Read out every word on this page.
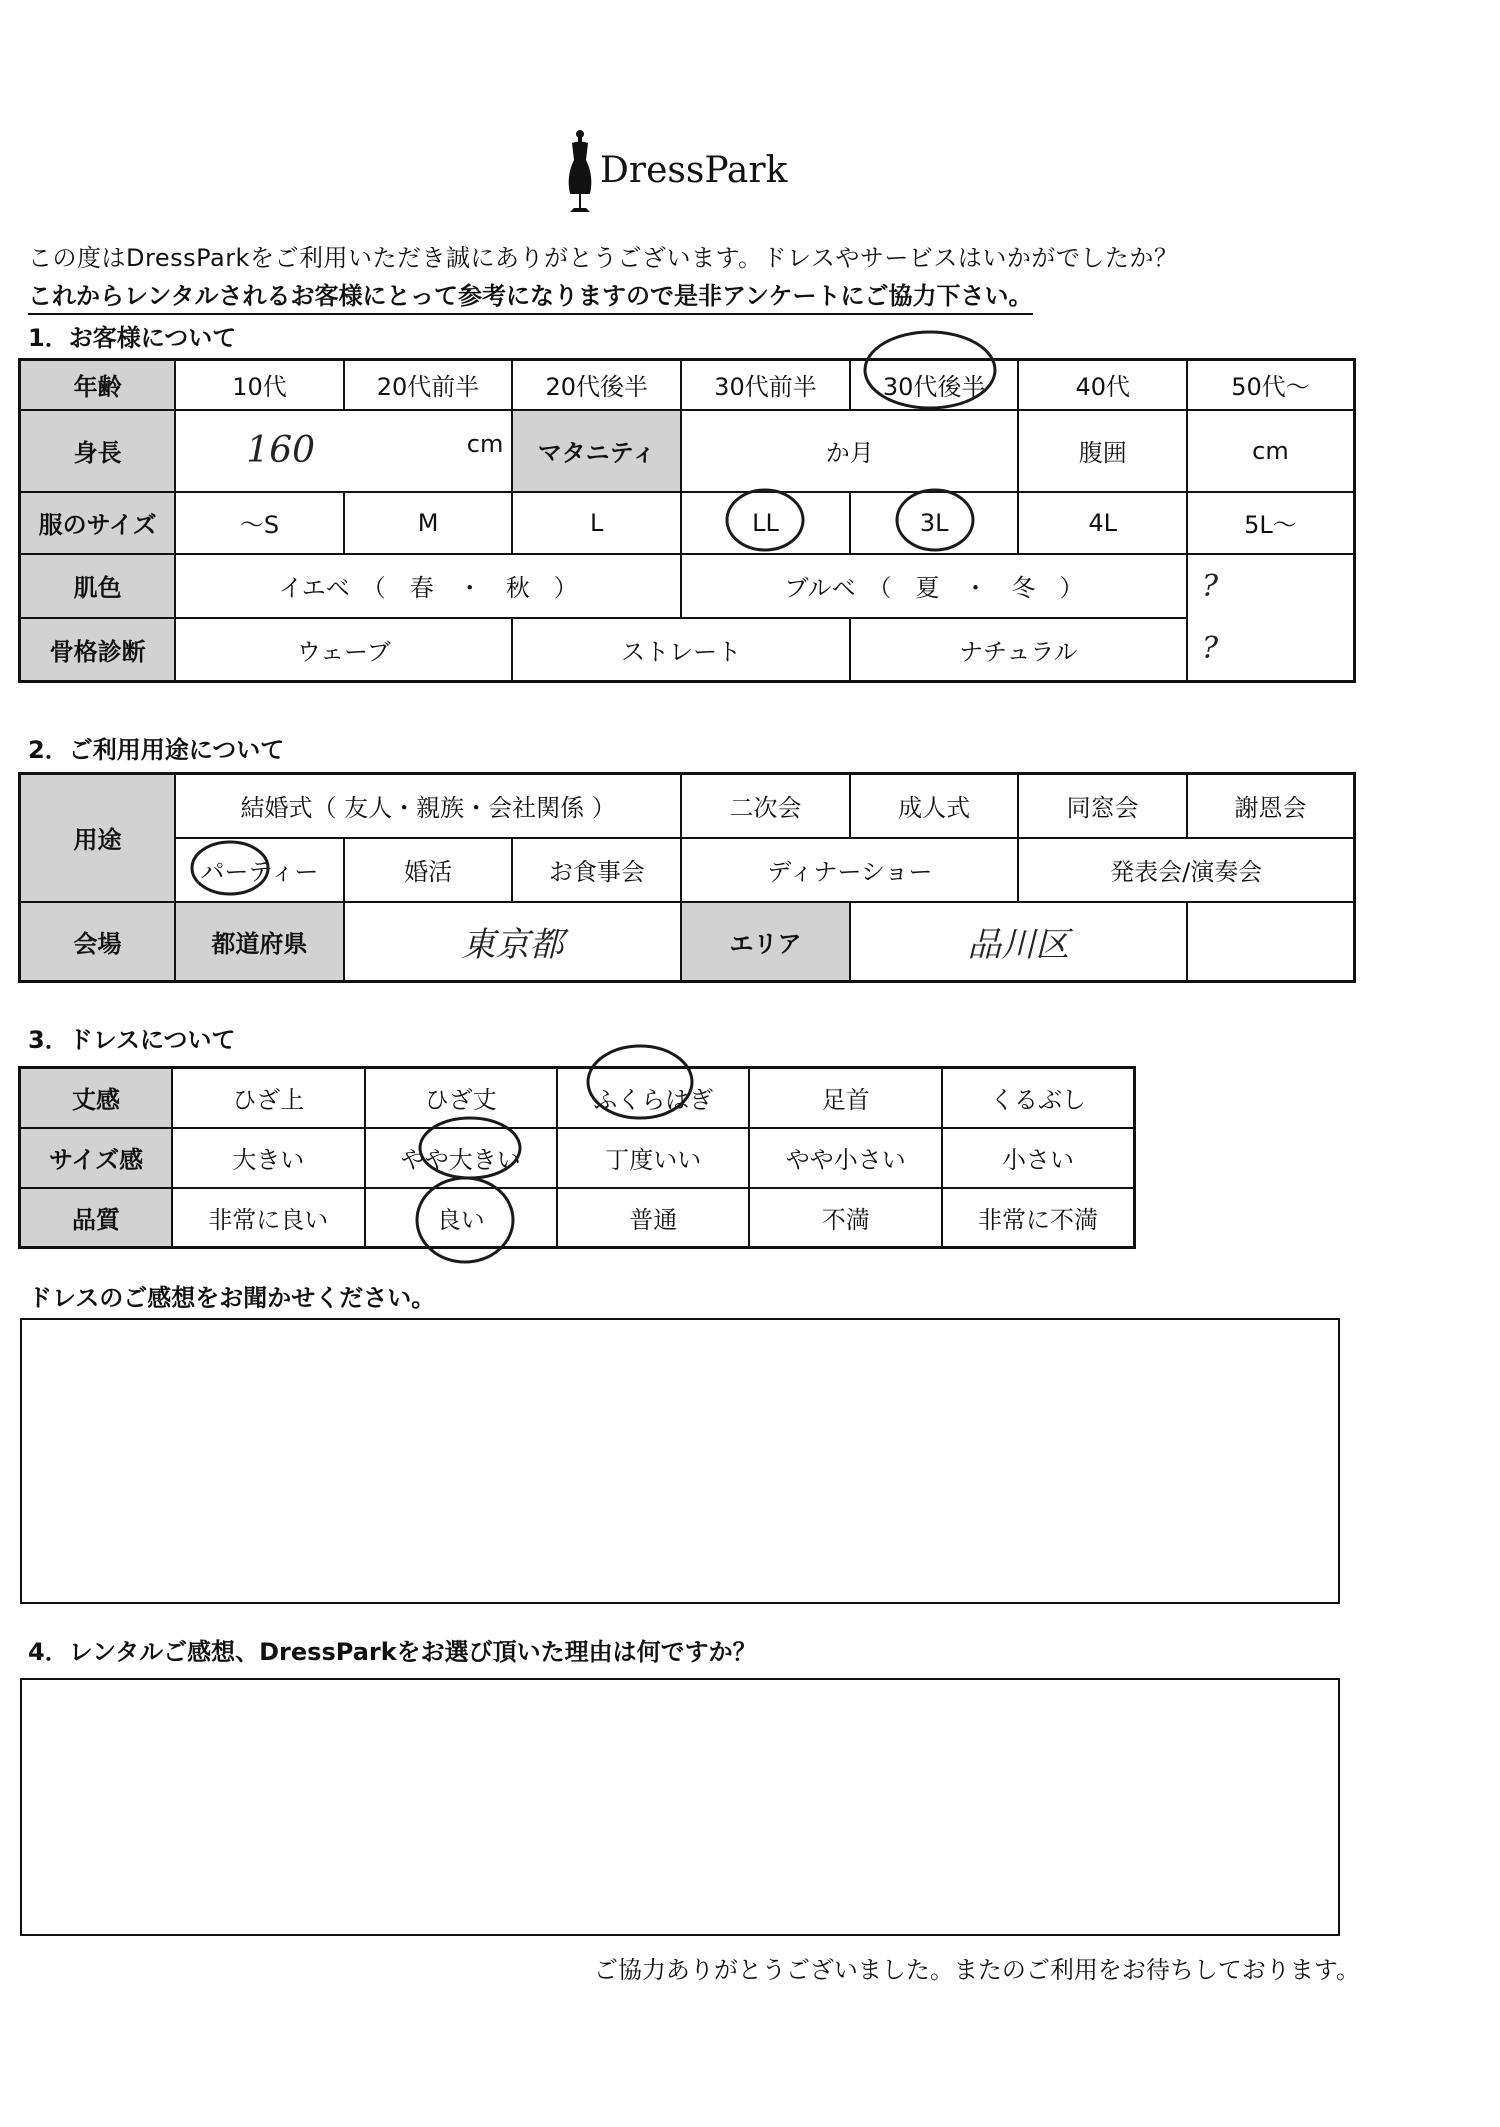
DressPark
この度はDressParkをご利用いただき誠にありがとうございます。ドレスやサービスはいかがでしたか？
これからレンタルされるお客様にとって参考になりますので是非アンケートにご協力下さい。
1．お客様について
年齢	10代	20代前半	20代後半	30代前半	30代後半	40代	50代〜
身長	160 cm		マタニティ	か月		腹囲	cm
服のサイズ	〜S	M	L	LL	3L	4L	5L〜
肌色	イエベ　（　春　・　秋　）			ブルベ　（　夏　・　冬　）			?
骨格診断	ウェーブ		ストレート		ナチュラル		?
2．ご利用用途について
用途	結婚式（ 友人・親族・会社関係 ）			二次会	成人式	同窓会	謝恩会
	パーティー	婚活	お食事会	ディナーショー		発表会/演奏会	
会場	都道府県	東京都		エリア	品川区		
3．ドレスについて
丈感	ひざ上	ひざ丈	ふくらはぎ	足首	くるぶし
サイズ感	大きい	やや大きい	丁度いい	やや小さい	小さい
品質	非常に良い	良い	普通	不満	非常に不満
ドレスのご感想をお聞かせください。
4．レンタルご感想、DressParkをお選び頂いた理由は何ですか？
ご協力ありがとうございました。またのご利用をお待ちしております。
